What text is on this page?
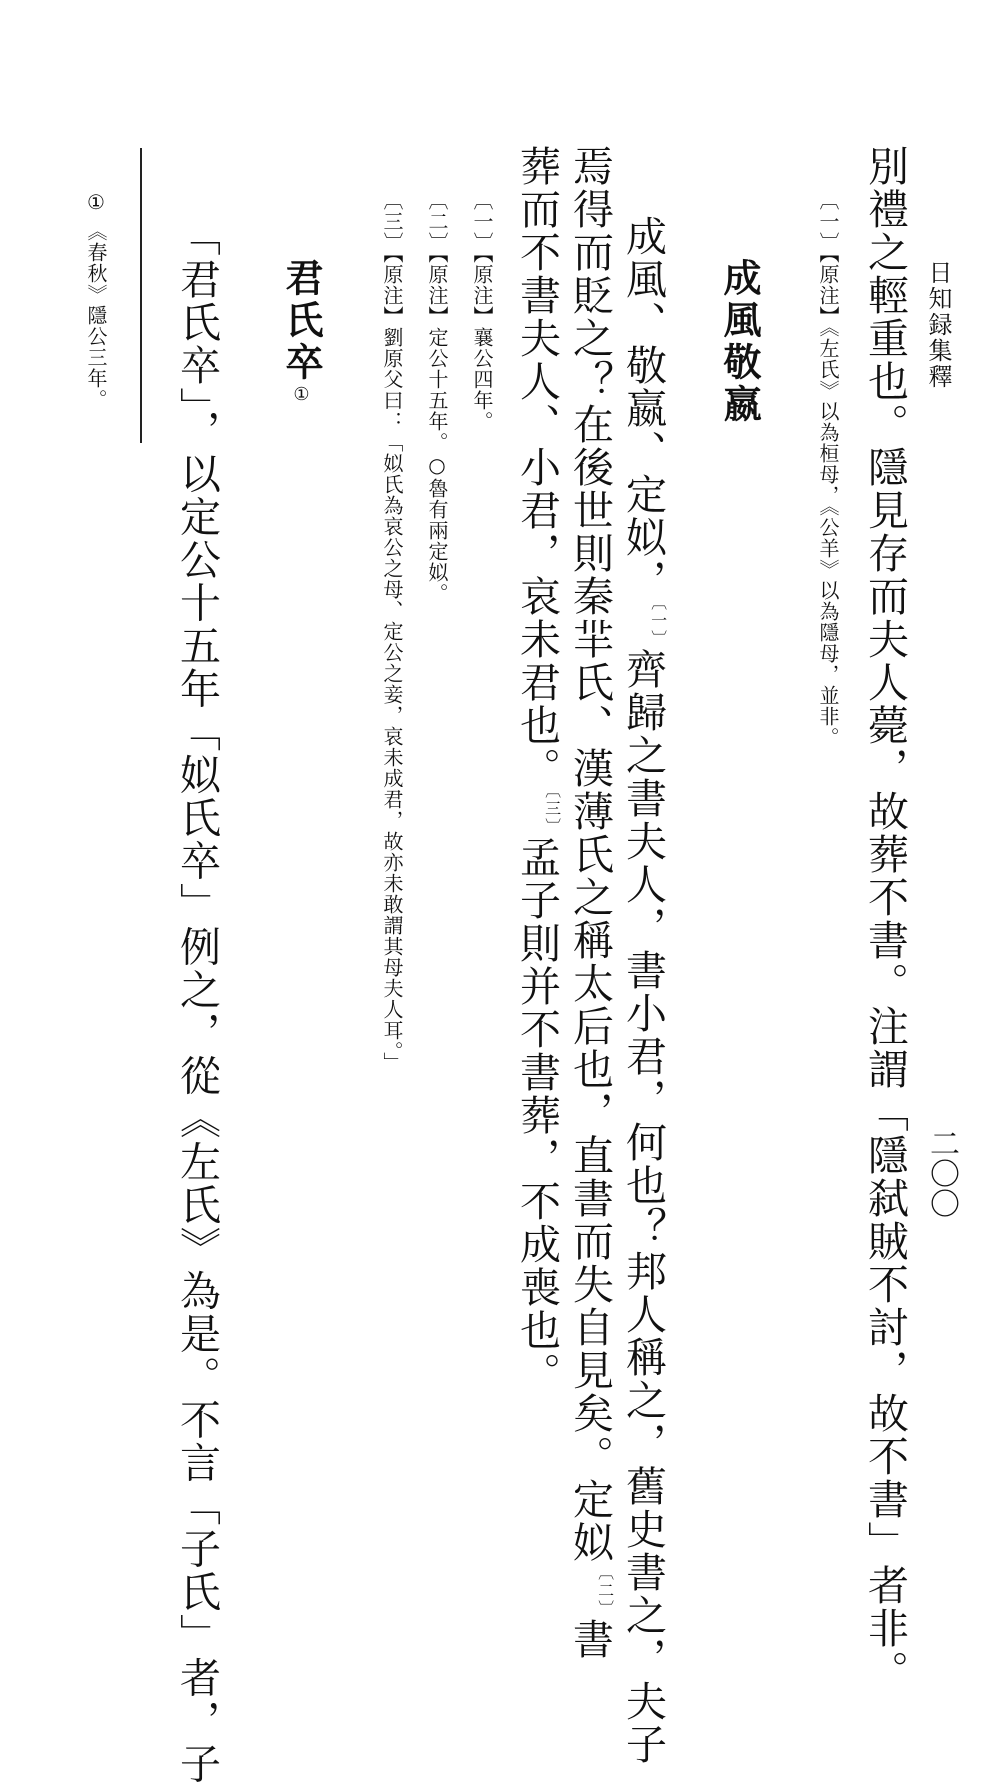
日知録集釋
二〇〇
別禮之輕重也。隱見存而夫人薨，故葬不書。注謂「隱弑賊不討，故不書」者非。
〔一〕【原注】《左氏》以為桓母，《公羊》以為隱母，並非。
成風敬嬴
成風、敬嬴、定姒，$^{〔一〕}$齊歸之書夫人，書小君，何也？邦人稱之，舊史書之，夫子
焉得而貶之？在後世則秦羋氏、漢薄氏之稱太后也，直書而失自見矣。定姒$^{〔二〕}$書
葬而不書夫人、小君，哀未君也。$^{〔三〕}$孟子則并不書葬，不成喪也。
〔一〕【原注】襄公四年。
〔二〕【原注】定公十五年。○魯有兩定姒。
〔三〕【原注】劉原父曰：「姒氏為哀公之母、定公之妾，哀未成君，故亦未敢謂其母夫人耳。」
君氏卒①
「君氏卒」，以定公十五年「姒氏卒」例之，從《左氏》為是。不言「子氏」者，子
①《春秋》隱公三年。
